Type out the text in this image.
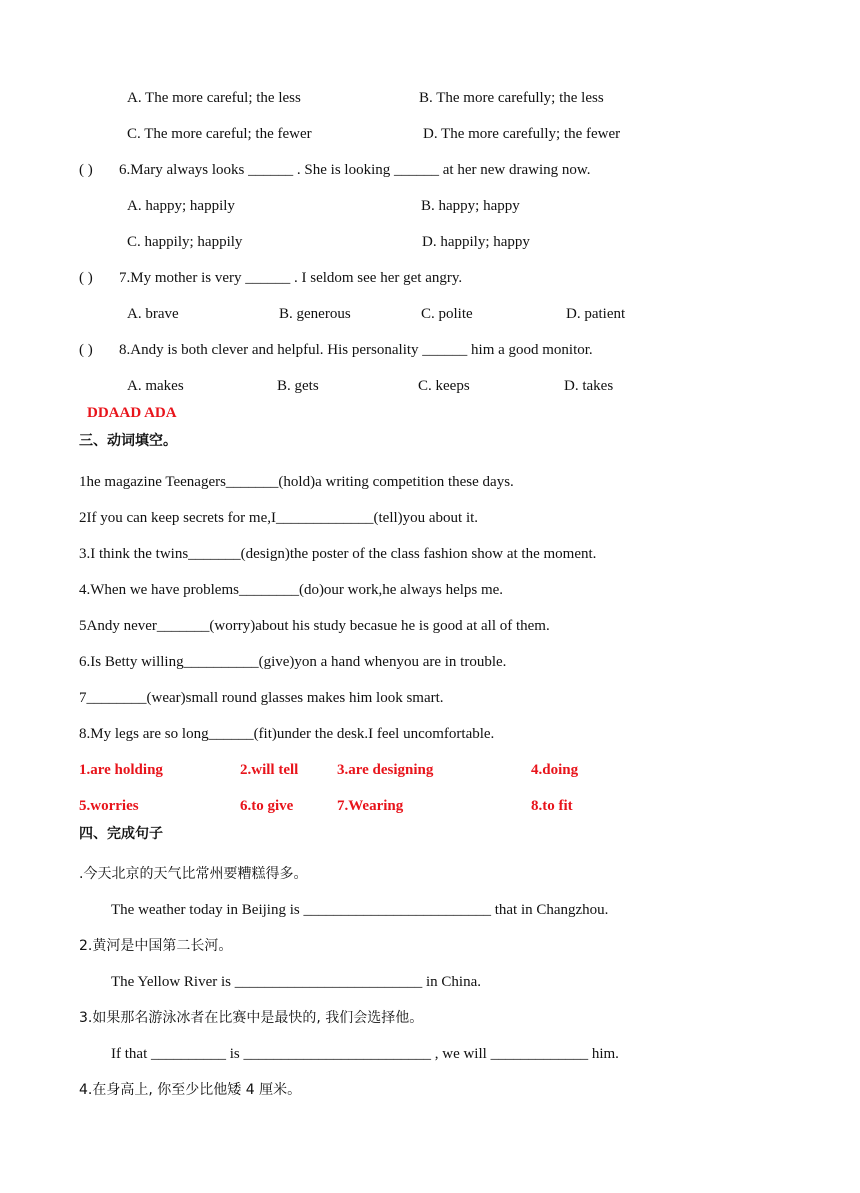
A. The more careful; the less	B. The more carefully; the less
C. The more careful; the fewer	D. The more carefully; the fewer
( ) 6.Mary always looks ______ . She is looking ______ at her new drawing now.
A. happy; happily	B. happy; happy
C. happily; happily	D. happily; happy
( ) 7.My mother is very ______ . I seldom see her get angry.
A. brave	B. generous	C. polite	D. patient
( ) 8.Andy is both clever and helpful. His personality ______ him a good monitor.
A. makes	B. gets	C. keeps	D. takes
DDAAD ADA
三、动词填空。
1he magazine Teenagers_______(hold)a writing competition these days.
2If you can keep secrets for me,I_____________(tell)you about it.
3.I think the twins_______(design)the poster of the class fashion show at the moment.
4.When we have problems________(do)our work,he always helps me.
5Andy never_______(worry)about his study becasue he is good at all of them.
6.Is Betty willing__________(give)yon a hand whenyou are in trouble.
7________(wear)small round glasses makes him look smart.
8.My legs are so long______(fit)under the desk.I feel uncomfortable.
1.are holding	2.will tell	3.are designing	4.doing
5.worries	6.to give	7.Wearing	8.to fit
四、完成句子
.今天北京的天气比常州要糟糕得多。
The weather today in Beijing is _________________________ that in Changzhou.
2.黄河是中国第二长河。
The Yellow River is _________________________ in China.
3.如果那名游泳冰者在比赛中是最快的, 我们会选择他。
If that __________ is _________________________ , we will _____________ him.
4.在身高上, 你至少比他矮 4 厘米。
